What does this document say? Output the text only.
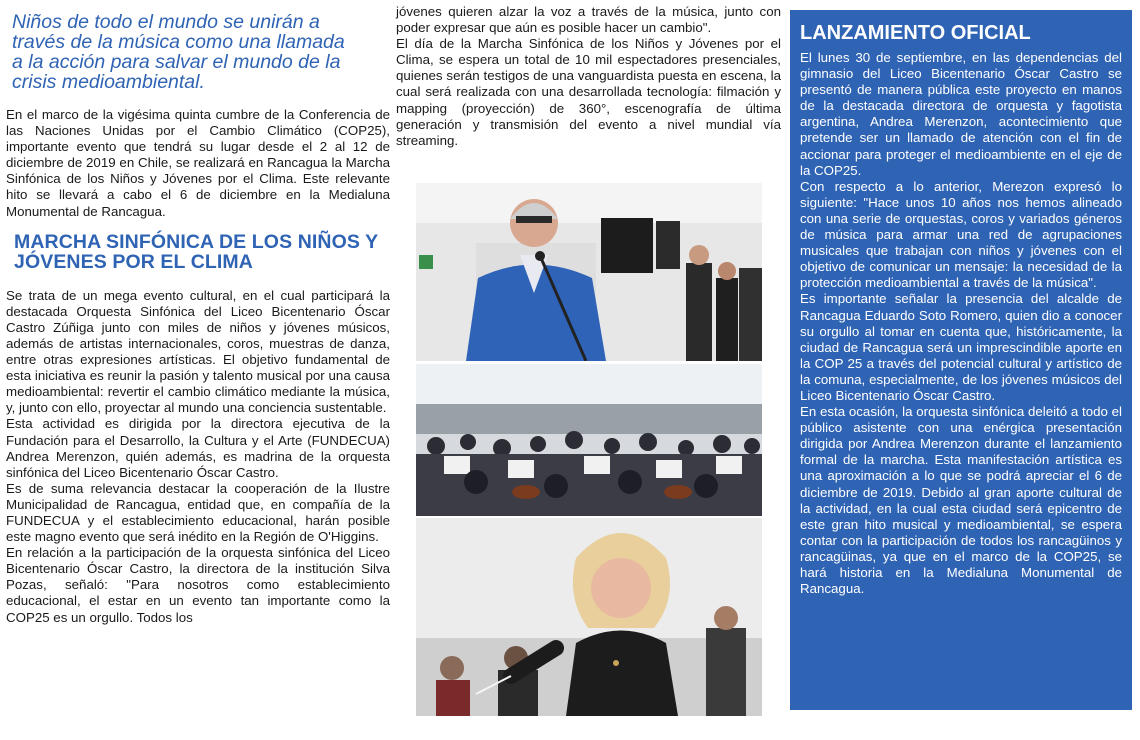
Niños de todo el mundo se unirán a través de la música como una llamada a la acción para salvar el mundo de la crisis medioambiental.

En el marco de la vigésima quinta cumbre de la Conferencia de las Naciones Unidas por el Cambio Climático (COP25), importante evento que tendrá su lugar desde el 2 al 12 de diciembre de 2019 en Chile, se realizará en Rancagua la Marcha Sinfónica de los Niños y Jóvenes por el Clima. Este relevante hito se llevará a cabo el 6 de diciembre en la Medialuna Monumental de Rancagua.

MARCHA SINFÓNICA DE LOS NIÑOS Y JÓVENES POR EL CLIMA

Se trata de un mega evento cultural, en el cual participará la destacada Orquesta Sinfónica del Liceo Bicentenario Óscar Castro Zúñiga junto con miles de niños y jóvenes músicos, además de artistas internacionales, coros, muestras de danza, entre otras expresiones artísticas. El objetivo fundamental de esta iniciativa es reunir la pasión y talento musical por una causa medioambiental: revertir el cambio climático mediante la música, y, junto con ello, proyectar al mundo una conciencia sustentable.

Esta actividad es dirigida por la directora ejecutiva de la Fundación para el Desarrollo, la Cultura y el Arte (FUNDECUA) Andrea Merenzon, quién además, es madrina de la orquesta sinfónica del Liceo Bicentenario Óscar Castro.

Es de suma relevancia destacar la cooperación de la Ilustre Municipalidad de Rancagua, entidad que, en compañía de la FUNDECUA y el establecimiento educacional, harán posible este magno evento que será inédito en la Región de O'Higgins.

En relación a la participación de la orquesta sinfónica del Liceo Bicentenario Óscar Castro, la directora de la institución Silva Pozas, señaló: "Para nosotros como establecimiento educacional, el estar en un evento tan importante como la COP25 es un orgullo. Todos los

jóvenes quieren alzar la voz a través de la música, junto con poder expresar que aún es posible hacer un cambio".

El día de la Marcha Sinfónica de los Niños y Jóvenes por el Clima, se espera un total de 10 mil espectadores presenciales, quienes serán testigos de una vanguardista puesta en escena, la cual será realizada con una desarrollada tecnología: filmación y mapping (proyección) de 360°, escenografía de última generación y transmisión del evento a nivel mundial vía streaming.

LANZAMIENTO OFICIAL

El lunes 30 de septiembre, en las dependencias del gimnasio del Liceo Bicentenario Óscar Castro se presentó de manera pública este proyecto en manos de la destacada directora de orquesta y fagotista argentina, Andrea Merenzon, acontecimiento que pretende ser un llamado de atención con el fin de accionar para proteger el medioambiente en el eje de la COP25.

Con respecto a lo anterior, Merezon expresó lo siguiente: "Hace unos 10 años nos hemos alineado con una serie de orquestas, coros y variados géneros de música para armar una red de agrupaciones musicales que trabajan con niños y jóvenes con el objetivo de comunicar un mensaje: la necesidad de la protección medioambiental a través de la música".

Es importante señalar la presencia del alcalde de Rancagua Eduardo Soto Romero, quien dio a conocer su orgullo al tomar en cuenta que, históricamente, la ciudad de Rancagua será un imprescindible aporte en la COP 25 a través del potencial cultural y artístico de la comuna, especialmente, de los jóvenes músicos del Liceo Bicentenario Óscar Castro.

En esta ocasión, la orquesta sinfónica deleitó a todo el público asistente con una enérgica presentación dirigida por Andrea Merenzon durante el lanzamiento formal de la marcha. Esta manifestación artística es una aproximación a lo que se podrá apreciar el 6 de diciembre de 2019. Debido al gran aporte cultural de la actividad, en la cual esta ciudad será epicentro de este gran hito musical y medioambiental, se espera contar con la participación de todos los rancagüinos y rancagüinas, ya que en el marco de la COP25, se hará historia en la Medialuna Monumental de Rancagua.
